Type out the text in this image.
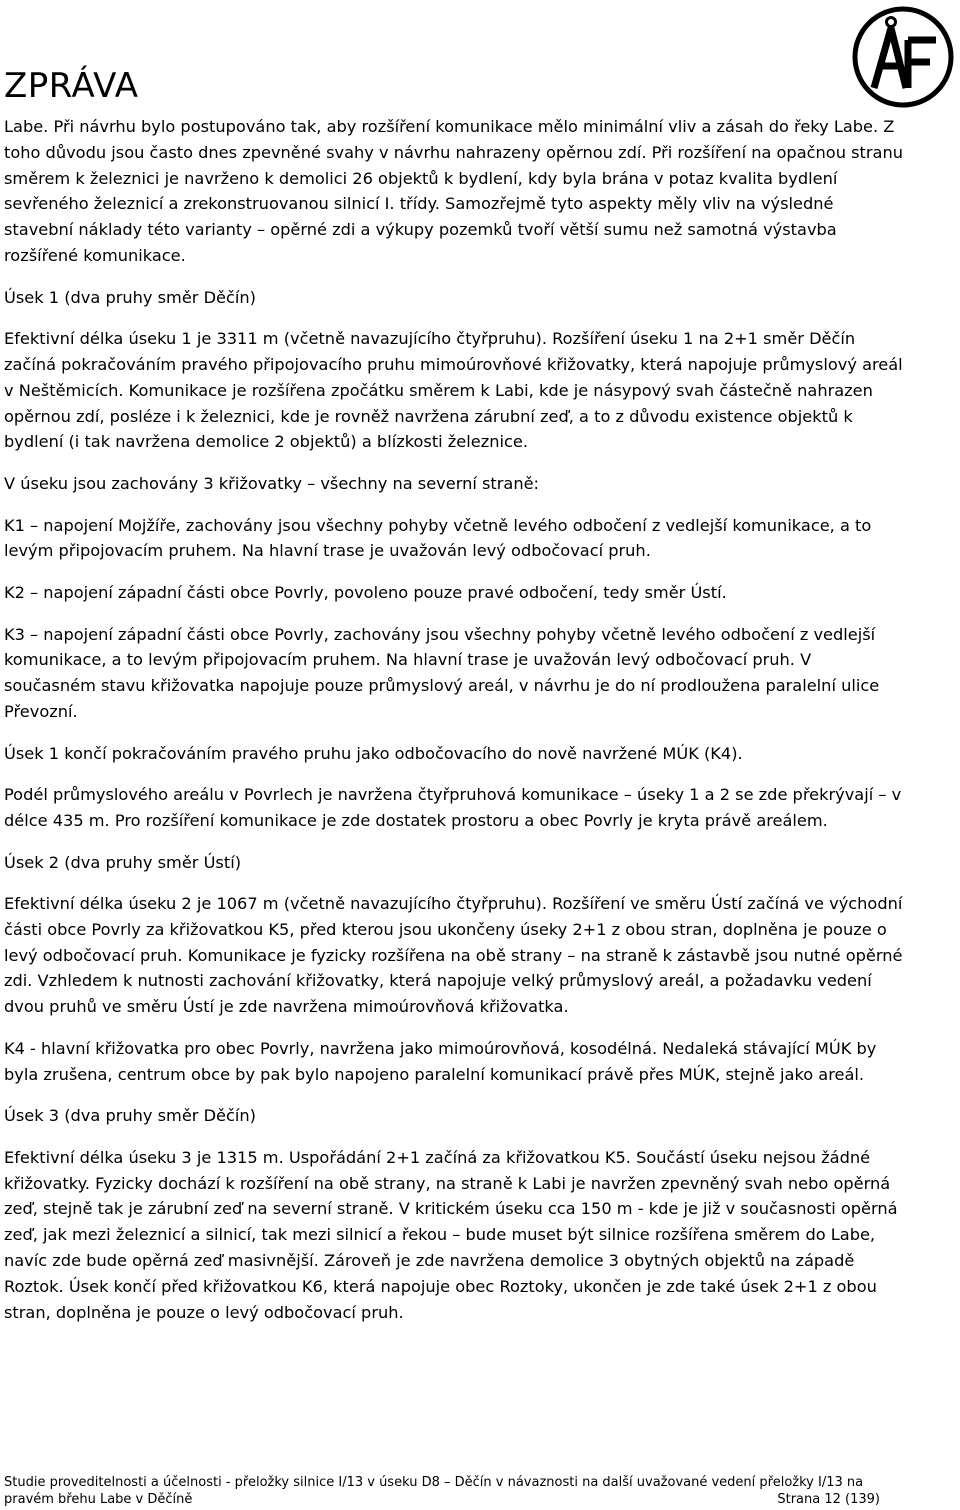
ZPRÁVA

Labe. Při návrhu bylo postupováno tak, aby rozšíření komunikace mělo minimální vliv a zásah do řeky Labe. Z toho důvodu jsou často dnes zpevněné svahy v návrhu nahrazeny opěrnou zdí. Při rozšíření na opačnou stranu směrem k železnici je navrženo k demolici 26 objektů k bydlení, kdy byla brána v potaz kvalita bydlení sevřeného železnicí a zrekonstruovanou silnicí I. třídy. Samozřejmě tyto aspekty měly vliv na výsledné stavební náklady této varianty – opěrné zdi a výkupy pozemků tvoří větší sumu než samotná výstavba rozšířené komunikace.

Úsek 1 (dva pruhy směr Děčín)

Efektivní délka úseku 1 je 3311 m (včetně navazujícího čtyřpruhu). Rozšíření úseku 1 na 2+1 směr Děčín začíná pokračováním pravého připojovacího pruhu mimoúrovňové křižovatky, která napojuje průmyslový areál v Neštěmicích. Komunikace je rozšířena zpočátku směrem k Labi, kde je násypový svah částečně nahrazen opěrnou zdí, posléze i k železnici, kde je rovněž navržena zárubní zeď, a to z důvodu existence objektů k bydlení (i tak navržena demolice 2 objektů) a blízkosti železnice.

V úseku jsou zachovány 3 křižovatky – všechny na severní straně:

K1 – napojení Mojžíře, zachovány jsou všechny pohyby včetně levého odbočení z vedlejší komunikace, a to levým připojovacím pruhem. Na hlavní trase je uvažován levý odbočovací pruh.

K2 – napojení západní části obce Povrly, povoleno pouze pravé odbočení, tedy směr Ústí.

K3 – napojení západní části obce Povrly, zachovány jsou všechny pohyby včetně levého odbočení z vedlejší komunikace, a to levým připojovacím pruhem. Na hlavní trase je uvažován levý odbočovací pruh. V současném stavu křižovatka napojuje pouze průmyslový areál, v návrhu je do ní prodloužena paralelní ulice Převozní.

Úsek 1 končí pokračováním pravého pruhu jako odbočovacího do nově navržené MÚK (K4).

Podél průmyslového areálu v Povrlech je navržena čtyřpruhová komunikace – úseky 1 a 2 se zde překrývají – v délce 435 m. Pro rozšíření komunikace je zde dostatek prostoru a obec Povrly je kryta právě areálem.

Úsek 2 (dva pruhy směr Ústí)

Efektivní délka úseku 2 je 1067 m (včetně navazujícího čtyřpruhu). Rozšíření ve směru Ústí začíná ve východní části obce Povrly za křižovatkou K5, před kterou jsou ukončeny úseky 2+1 z obou stran, doplněna je pouze o levý odbočovací pruh. Komunikace je fyzicky rozšířena na obě strany – na straně k zástavbě jsou nutné opěrné zdi. Vzhledem k nutnosti zachování křižovatky, která napojuje velký průmyslový areál, a požadavku vedení dvou pruhů ve směru Ústí je zde navržena mimoúrovňová křižovatka.

K4 - hlavní křižovatka pro obec Povrly, navržena jako mimoúrovňová, kosodélná. Nedaleká stávající MÚK by byla zrušena, centrum obce by pak bylo napojeno paralelní komunikací právě přes MÚK, stejně jako areál.

Úsek 3 (dva pruhy směr Děčín)

Efektivní délka úseku 3 je 1315 m. Uspořádání 2+1 začíná za křižovatkou K5. Součástí úseku nejsou žádné křižovatky. Fyzicky dochází k rozšíření na obě strany, na straně k Labi je navržen zpevněný svah nebo opěrná zeď, stejně tak je zárubní zeď na severní straně. V kritickém úseku cca 150 m - kde je již v současnosti opěrná zeď, jak mezi železnicí a silnicí, tak mezi silnicí a řekou – bude muset být silnice rozšířena směrem do Labe, navíc zde bude opěrná zeď masivnější. Zároveň je zde navržena demolice 3 obytných objektů na západě Roztok. Úsek končí před křižovatkou K6, která napojuje obec Roztoky, ukončen je zde také úsek 2+1 z obou stran, doplněna je pouze o levý odbočovací pruh.

Studie proveditelnosti a účelnosti - přeložky silnice I/13 v úseku D8 – Děčín v návaznosti na další uvažované vedení přeložky I/13 na pravém břehu Labe v Děčíně	Strana 12 (139)
